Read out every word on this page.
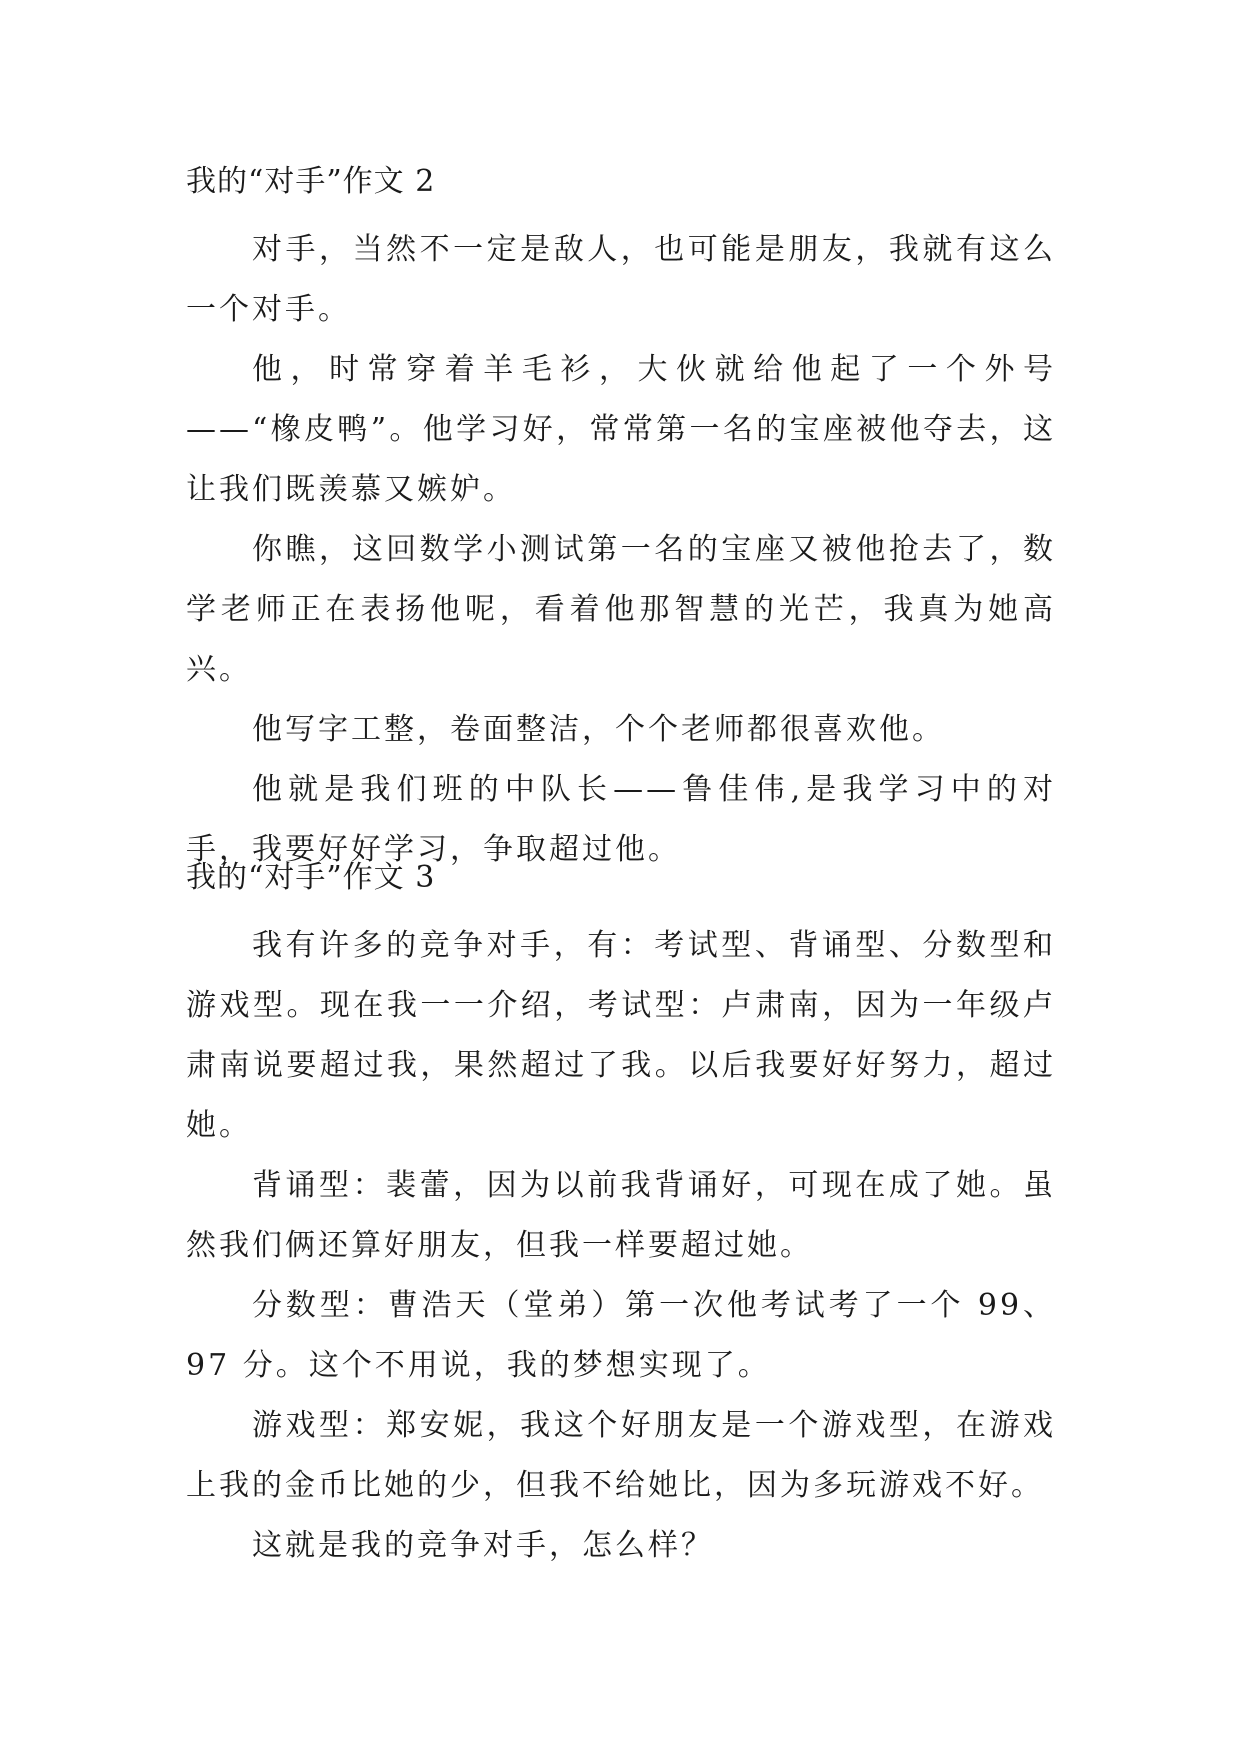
我的“对手”作文 2

对手，当然不一定是敌人，也可能是朋友，我就有这么一个对手。

他，时常穿着羊毛衫，大伙就给他起了一个外号——“橡皮鸭”。他学习好，常常第一名的宝座被他夺去，这让我们既羡慕又嫉妒。

你瞧，这回数学小测试第一名的宝座又被他抢去了，数学老师正在表扬他呢，看着他那智慧的光芒，我真为她高兴。

他写字工整，卷面整洁，个个老师都很喜欢他。

他就是我们班的中队长——鲁佳伟,是我学习中的对手，我要好好学习，争取超过他。

我的“对手”作文 3

我有许多的竞争对手，有：考试型、背诵型、分数型和游戏型。现在我一一介绍，考试型：卢肃南，因为一年级卢肃南说要超过我，果然超过了我。以后我要好好努力，超过她。

背诵型：裴蕾，因为以前我背诵好，可现在成了她。虽然我们俩还算好朋友，但我一样要超过她。

分数型：曹浩天（堂弟）第一次他考试考了一个 99、97 分。这个不用说，我的梦想实现了。

游戏型：郑安妮，我这个好朋友是一个游戏型，在游戏上我的金币比她的少，但我不给她比，因为多玩游戏不好。

这就是我的竞争对手，怎么样？
